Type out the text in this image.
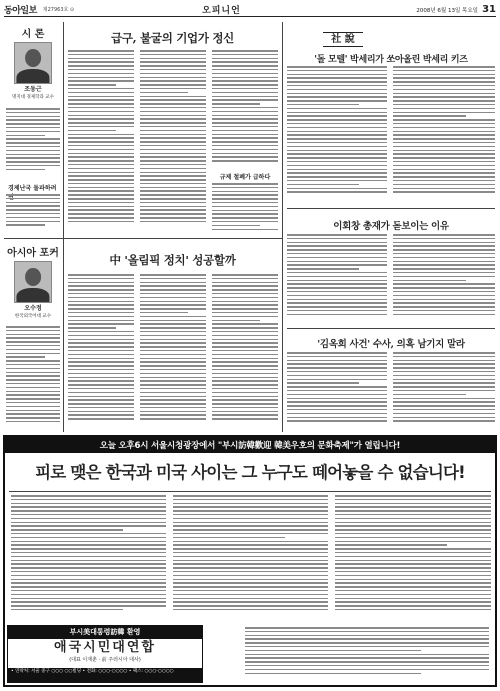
동아일보 제27963호 ⊙	오피니언	2008년 6월 13일 목요일 31
시 론
조동근
명지대 경제학과 교수
경제난국 돌파하려
급구, 불굴의 기업가 정신
규제 철폐가 급하다
아시아 포커
오수정
한국외국어대 교수
中 '올림픽 정치' 성공할까
社 說
'돌 모텔' 박세리가 쏘아올린 박세리 키즈
이회창 총재가 돋보이는 이유
'김옥희 사건' 수사, 의혹 남기지 말라
오늘 오후6시 서울시청광장에서 "부시訪韓歡迎 韓美우호의 문화축제"가 열립니다!
피로 맺은 한국과 미국 사이는 그 누구도 떼어놓을 수 없습니다!
부시美대통령訪韓 환영
애국시민대연합
(대표 이재춘 · 前 주러시아 대사)
• 연락처: 서울 중구 ○○○ ○○빌딩 • 전화: ○○○-○○○○ • 팩스: ○○○-○○○○
